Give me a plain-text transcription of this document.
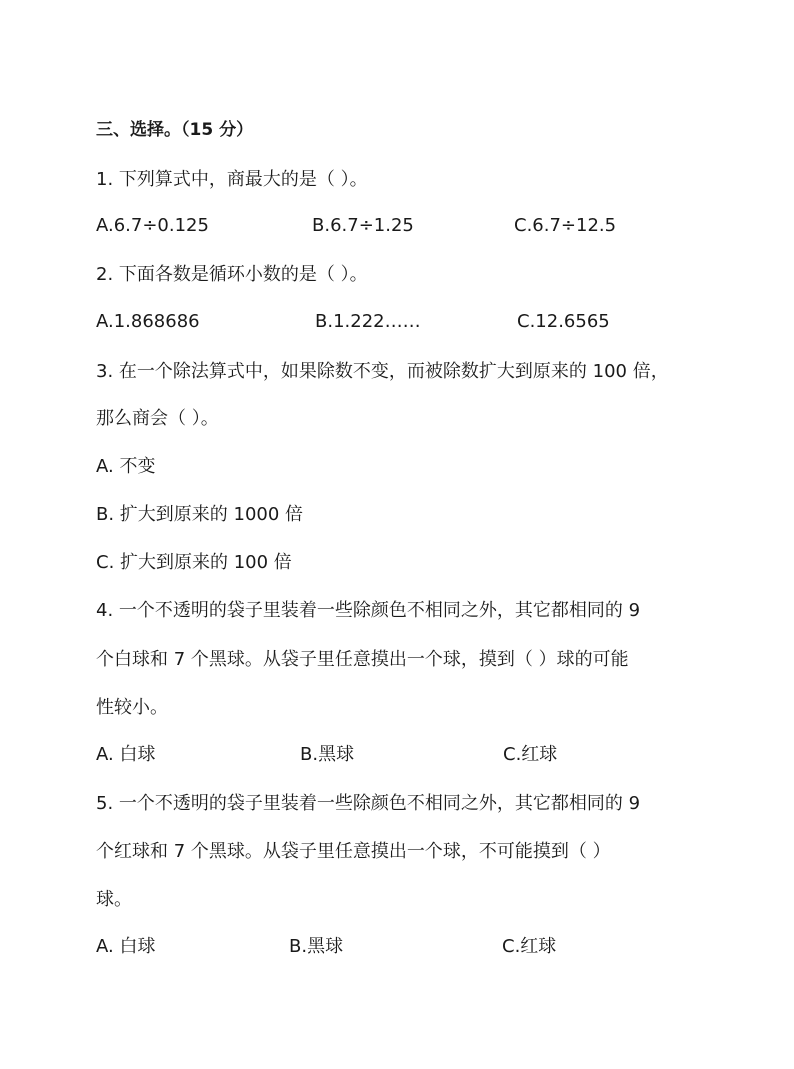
三、选择。（15 分）
1. 下列算式中，商最大的是（ ）。
A.6.7÷0.125	B.6.7÷1.25	C.6.7÷12.5
2. 下面各数是循环小数的是（ ）。
A.1.868686	B.1.222……	C.12.6565
3. 在一个除法算式中，如果除数不变，而被除数扩大到原来的 100 倍，
那么商会（ ）。
A. 不变
B. 扩大到原来的 1000 倍
C. 扩大到原来的 100 倍
4. 一个不透明的袋子里装着一些除颜色不相同之外，其它都相同的 9
个白球和 7 个黑球。从袋子里任意摸出一个球，摸到（ ）球的可能
性较小。
A. 白球	B.黑球	C.红球
5. 一个不透明的袋子里装着一些除颜色不相同之外，其它都相同的 9
个红球和 7 个黑球。从袋子里任意摸出一个球，不可能摸到（ ）
球。
A. 白球	B.黑球	C.红球
